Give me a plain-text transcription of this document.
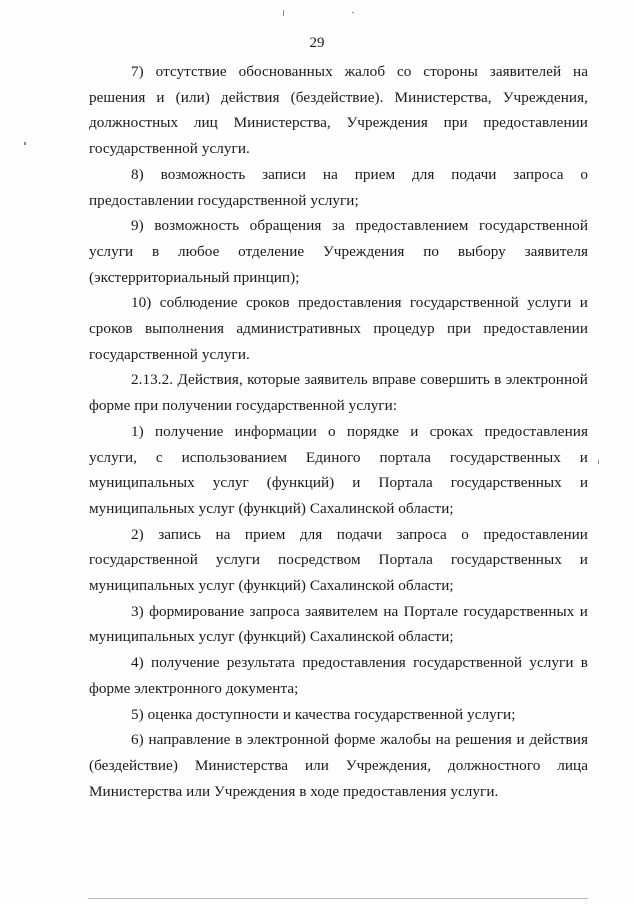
29

7) отсутствие обоснованных жалоб со стороны заявителей на решения и (или) действия (бездействие). Министерства, Учреждения, должностных лиц Министерства, Учреждения при предоставлении государственной услуги.

8) возможность записи на прием для подачи запроса о предоставлении государственной услуги;

9) возможность обращения за предоставлением государственной услуги в любое отделение Учреждения по выбору заявителя (экстерриториальный принцип);

10) соблюдение сроков предоставления государственной услуги и сроков выполнения административных процедур при предоставлении государственной услуги.

2.13.2. Действия, которые заявитель вправе совершить в электронной форме при получении государственной услуги:

1) получение информации о порядке и сроках предоставления услуги, с использованием Единого портала государственных и муниципальных услуг (функций) и Портала государственных и муниципальных услуг (функций) Сахалинской области;

2) запись на прием для подачи запроса о предоставлении государственной услуги посредством Портала государственных и муниципальных услуг (функций) Сахалинской области;

3) формирование запроса заявителем на Портале государственных и муниципальных услуг (функций) Сахалинской области;

4) получение результата предоставления государственной услуги в форме электронного документа;

5) оценка доступности и качества государственной услуги;

6) направление в электронной форме жалобы на решения и действия (бездействие) Министерства или Учреждения, должностного лица Министерства или Учреждения в ходе предоставления услуги.
